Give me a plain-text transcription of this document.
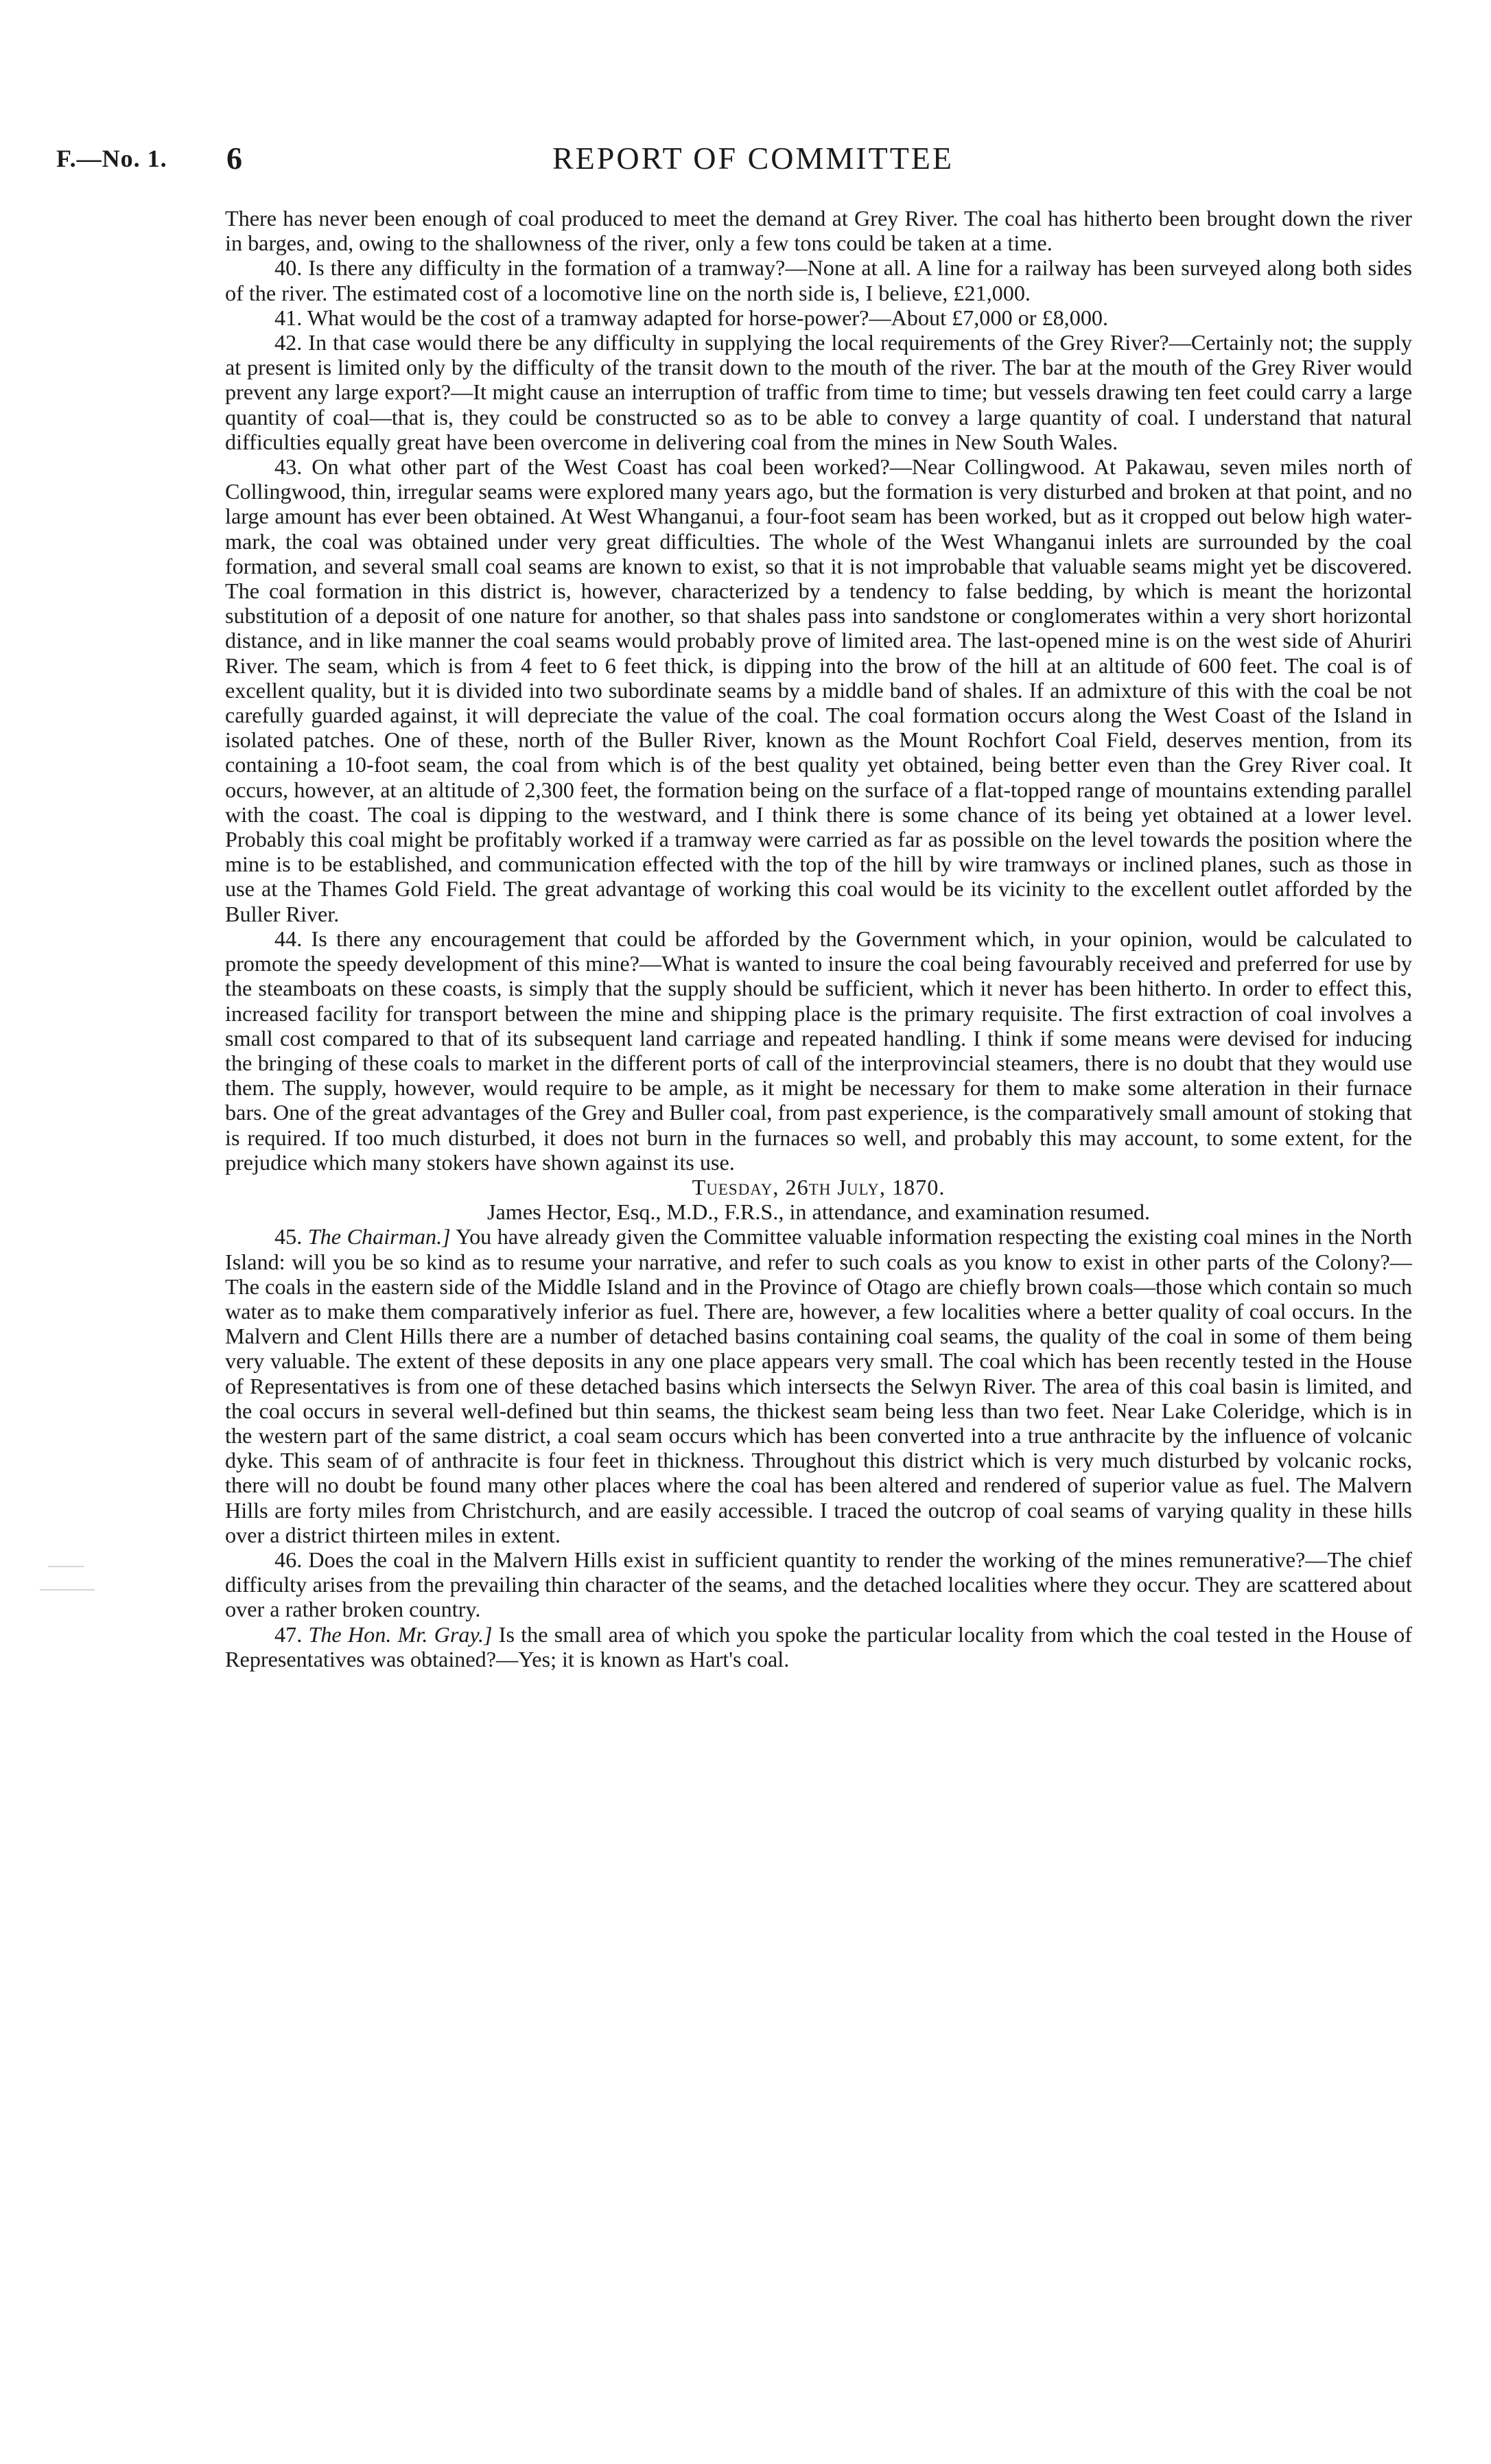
F.—No. 1. 6	REPORT OF COMMITTEE

There has never been enough of coal produced to meet the demand at Grey River. The coal has hitherto been brought down the river in barges, and, owing to the shallowness of the river, only a few tons could be taken at a time.

40. Is there any difficulty in the formation of a tramway?—None at all. A line for a railway has been surveyed along both sides of the river. The estimated cost of a locomotive line on the north side is, I believe, £21,000.

41. What would be the cost of a tramway adapted for horse-power?—About £7,000 or £8,000.

42. In that case would there be any difficulty in supplying the local requirements of the Grey River?—Certainly not; the supply at present is limited only by the difficulty of the transit down to the mouth of the river. The bar at the mouth of the Grey River would prevent any large export?—It might cause an interruption of traffic from time to time; but vessels drawing ten feet could carry a large quantity of coal—that is, they could be constructed so as to be able to convey a large quantity of coal. I understand that natural difficulties equally great have been overcome in delivering coal from the mines in New South Wales.

43. On what other part of the West Coast has coal been worked?—Near Collingwood. At Pakawau, seven miles north of Collingwood, thin, irregular seams were explored many years ago, but the formation is very disturbed and broken at that point, and no large amount has ever been obtained. At West Whanganui, a four-foot seam has been worked, but as it cropped out below high water-mark, the coal was obtained under very great difficulties. The whole of the West Whanganui inlets are surrounded by the coal formation, and several small coal seams are known to exist, so that it is not improbable that valuable seams might yet be discovered. The coal formation in this district is, however, characterized by a tendency to false bedding, by which is meant the horizontal substitution of a deposit of one nature for another, so that shales pass into sandstone or conglomerates within a very short horizontal distance, and in like manner the coal seams would probably prove of limited area. The last-opened mine is on the west side of Ahuriri River. The seam, which is from 4 feet to 6 feet thick, is dipping into the brow of the hill at an altitude of 600 feet. The coal is of excellent quality, but it is divided into two subordinate seams by a middle band of shales. If an admixture of this with the coal be not carefully guarded against, it will depreciate the value of the coal. The coal formation occurs along the West Coast of the Island in isolated patches. One of these, north of the Buller River, known as the Mount Rochfort Coal Field, deserves mention, from its containing a 10-foot seam, the coal from which is of the best quality yet obtained, being better even than the Grey River coal. It occurs, however, at an altitude of 2,300 feet, the formation being on the surface of a flat-topped range of mountains extending parallel with the coast. The coal is dipping to the westward, and I think there is some chance of its being yet obtained at a lower level. Probably this coal might be profitably worked if a tramway were carried as far as possible on the level towards the position where the mine is to be established, and communication effected with the top of the hill by wire tramways or inclined planes, such as those in use at the Thames Gold Field. The great advantage of working this coal would be its vicinity to the excellent outlet afforded by the Buller River.

44. Is there any encouragement that could be afforded by the Government which, in your opinion, would be calculated to promote the speedy development of this mine?—What is wanted to insure the coal being favourably received and preferred for use by the steamboats on these coasts, is simply that the supply should be sufficient, which it never has been hitherto. In order to effect this, increased facility for transport between the mine and shipping place is the primary requisite. The first extraction of coal involves a small cost compared to that of its subsequent land carriage and repeated handling. I think if some means were devised for inducing the bringing of these coals to market in the different ports of call of the interprovincial steamers, there is no doubt that they would use them. The supply, however, would require to be ample, as it might be necessary for them to make some alteration in their furnace bars. One of the great advantages of the Grey and Buller coal, from past experience, is the comparatively small amount of stoking that is required. If too much disturbed, it does not burn in the furnaces so well, and probably this may account, to some extent, for the prejudice which many stokers have shown against its use.

Tuesday, 26th July, 1870.

James Hector, Esq., M.D., F.R.S., in attendance, and examination resumed.

45. The Chairman.] You have already given the Committee valuable information respecting the existing coal mines in the North Island: will you be so kind as to resume your narrative, and refer to such coals as you know to exist in other parts of the Colony?—The coals in the eastern side of the Middle Island and in the Province of Otago are chiefly brown coals—those which contain so much water as to make them comparatively inferior as fuel. There are, however, a few localities where a better quality of coal occurs. In the Malvern and Clent Hills there are a number of detached basins containing coal seams, the quality of the coal in some of them being very valuable. The extent of these deposits in any one place appears very small. The coal which has been recently tested in the House of Representatives is from one of these detached basins which intersects the Selwyn River. The area of this coal basin is limited, and the coal occurs in several well-defined but thin seams, the thickest seam being less than two feet. Near Lake Coleridge, which is in the western part of the same district, a coal seam occurs which has been converted into a true anthracite by the influence of volcanic dyke. This seam of of anthracite is four feet in thickness. Throughout this district which is very much disturbed by volcanic rocks, there will no doubt be found many other places where the coal has been altered and rendered of superior value as fuel. The Malvern Hills are forty miles from Christchurch, and are easily accessible. I traced the outcrop of coal seams of varying quality in these hills over a district thirteen miles in extent.

46. Does the coal in the Malvern Hills exist in sufficient quantity to render the working of the mines remunerative?—The chief difficulty arises from the prevailing thin character of the seams, and the detached localities where they occur. They are scattered about over a rather broken country.

47. The Hon. Mr. Gray.] Is the small area of which you spoke the particular locality from which the coal tested in the House of Representatives was obtained?—Yes; it is known as Hart's coal.
